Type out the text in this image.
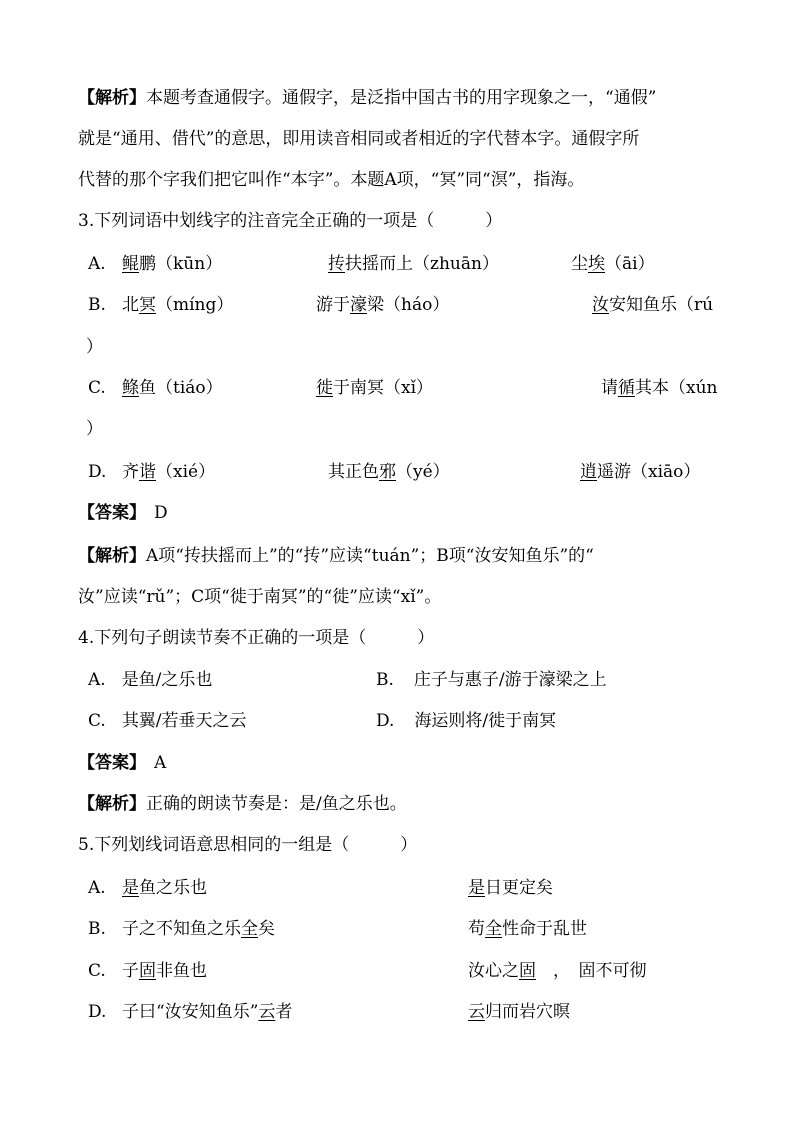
【解析】本题考查通假字。通假字，是泛指中国古书的用字现象之一，“通假”
就是“通用、借代”的意思，即用读音相同或者相近的字代替本字。通假字所
代替的那个字我们把它叫作“本字”。本题A项，“冥”同“溟”，指海。
3.下列词语中划线字的注音完全正确的一项是（　　　）
A. 鲲鹏（kūn）	抟扶摇而上（zhuān）	尘埃（āi）
B. 北冥（míng）	游于濠梁（háo）	汝安知鱼乐（rú
）
C. 鲦鱼（tiáo）	徙于南冥（xǐ）	请循其本（xún
）
D. 齐谐（xié）	其正色邪（yé）	逍遥游（xiāo）
【答案】 D
【解析】A项“抟扶摇而上”的“抟”应读“tuán”；B项“汝安知鱼乐”的“
汝”应读“rǔ”；C项“徙于南冥”的“徙”应读“xǐ”。
4.下列句子朗读节奏不正确的一项是（　　　）
A. 是鱼/之乐也	B. 庄子与惠子/游于濠梁之上
C. 其翼/若垂天之云	D. 海运则将/徙于南冥
【答案】 A
【解析】正确的朗读节奏是：是/鱼之乐也。
5.下列划线词语意思相同的一组是（　　　）
A. 是鱼之乐也	是日更定矣
B. 子之不知鱼之乐全矣	苟全性命于乱世
C. 子固非鱼也	汝心之固　，　固不可彻
D. 子曰“汝安知鱼乐”云者	云归而岩穴暝
